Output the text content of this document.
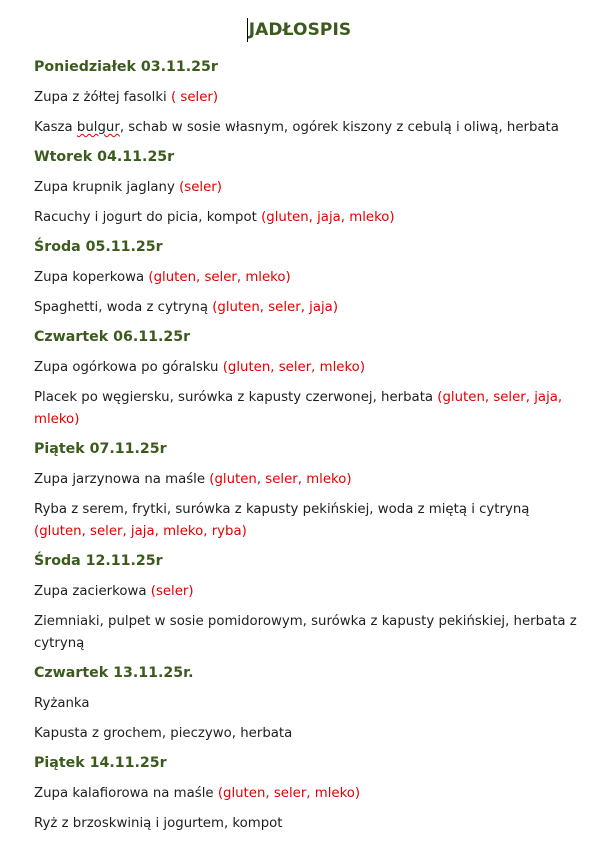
JADŁOSPIS
Poniedziałek 03.11.25r
Zupa z żółtej fasolki ( seler)
Kasza bulgur, schab w sosie własnym, ogórek kiszony z cebulą i oliwą, herbata
Wtorek 04.11.25r
Zupa krupnik jaglany (seler)
Racuchy i jogurt do picia, kompot (gluten, jaja, mleko)
Środa 05.11.25r
Zupa koperkowa (gluten, seler, mleko)
Spaghetti, woda z cytryną (gluten, seler, jaja)
Czwartek 06.11.25r
Zupa ogórkowa po góralsku (gluten, seler, mleko)
Placek po węgiersku, surówka z kapusty czerwonej, herbata (gluten, seler, jaja, mleko)
Piątek 07.11.25r
Zupa jarzynowa na maśle (gluten, seler, mleko)
Ryba z serem, frytki, surówka z kapusty pekińskiej, woda z miętą i cytryną (gluten, seler, jaja, mleko, ryba)
Środa 12.11.25r
Zupa zacierkowa (seler)
Ziemniaki, pulpet w sosie pomidorowym, surówka z kapusty pekińskiej, herbata z cytryną
Czwartek 13.11.25r.
Ryżanka
Kapusta z grochem, pieczywo, herbata
Piątek 14.11.25r
Zupa kalafiorowa na maśle (gluten, seler, mleko)
Ryż z brzoskwinią i jogurtem, kompot
